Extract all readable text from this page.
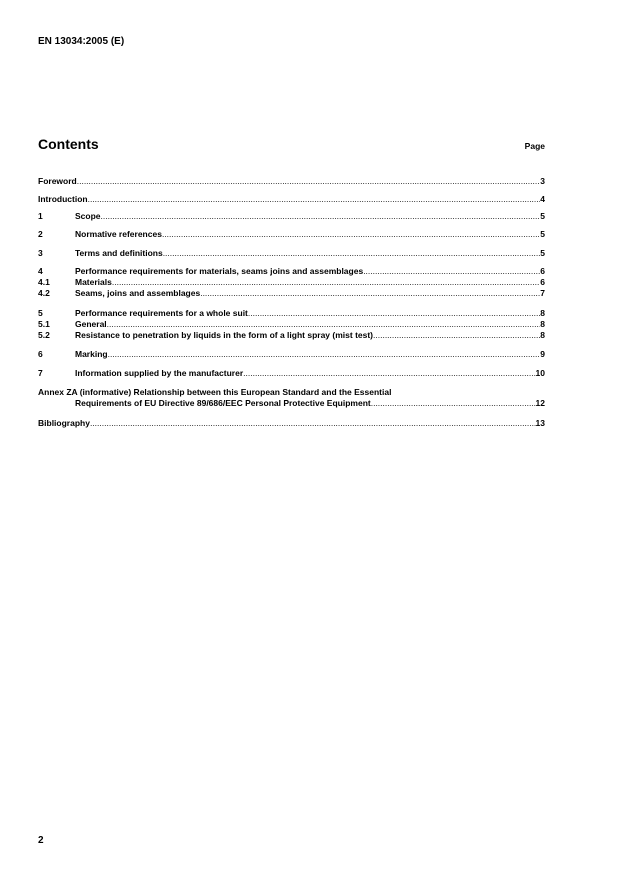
EN 13034:2005 (E)
Contents	Page
Foreword .....	3
Introduction .....	4
1	Scope .....	5
2	Normative references .....	5
3	Terms and definitions .....	5
4	Performance requirements for materials, seams joins and assemblages .....	6
4.1	Materials .....	6
4.2	Seams, joins and assemblages .....	7
5	Performance requirements for a whole suit .....	8
5.1	General .....	8
5.2	Resistance to penetration by liquids in the form of a light spray (mist test) .....	8
6	Marking .....	9
7	Information supplied by the manufacturer .....	10
Annex ZA (informative) Relationship between this European Standard and the Essential
Requirements of EU Directive 89/686/EEC Personal Protective Equipment .....	12
Bibliography .....	13
2
